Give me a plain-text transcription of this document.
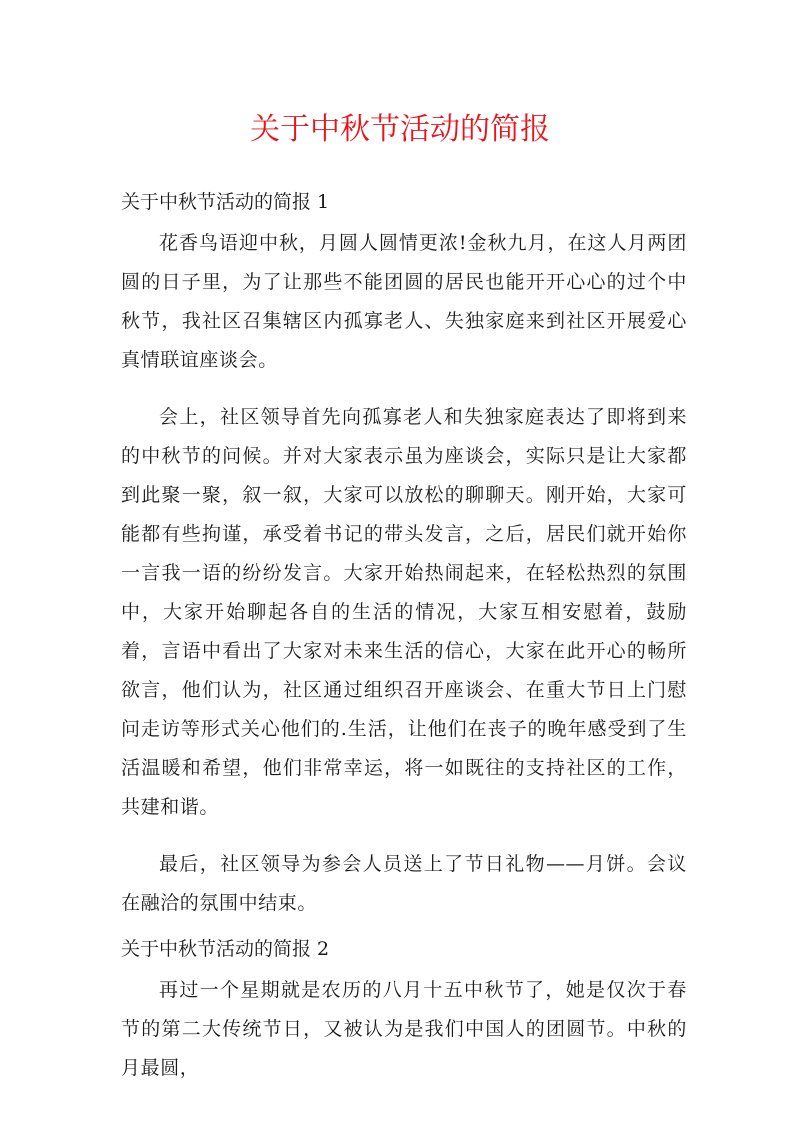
关于中秋节活动的简报
关于中秋节活动的简报 1

花香鸟语迎中秋，月圆人圆情更浓!金秋九月，在这人月两团圆的日子里，为了让那些不能团圆的居民也能开开心心的过个中秋节，我社区召集辖区内孤寡老人、失独家庭来到社区开展爱心真情联谊座谈会。

会上，社区领导首先向孤寡老人和失独家庭表达了即将到来的中秋节的问候。并对大家表示虽为座谈会，实际只是让大家都到此聚一聚，叙一叙，大家可以放松的聊聊天。刚开始，大家可能都有些拘谨，承受着书记的带头发言，之后，居民们就开始你一言我一语的纷纷发言。大家开始热闹起来，在轻松热烈的氛围中，大家开始聊起各自的生活的情况，大家互相安慰着，鼓励着，言语中看出了大家对未来生活的信心，大家在此开心的畅所欲言，他们认为，社区通过组织召开座谈会、在重大节日上门慰问走访等形式关心他们的.生活，让他们在丧子的晚年感受到了生活温暖和希望，他们非常幸运，将一如既往的支持社区的工作，共建和谐。

最后，社区领导为参会人员送上了节日礼物——月饼。会议在融洽的氛围中结束。

关于中秋节活动的简报 2

再过一个星期就是农历的八月十五中秋节了，她是仅次于春节的第二大传统节日，又被认为是我们中国人的团圆节。中秋的月最圆，
